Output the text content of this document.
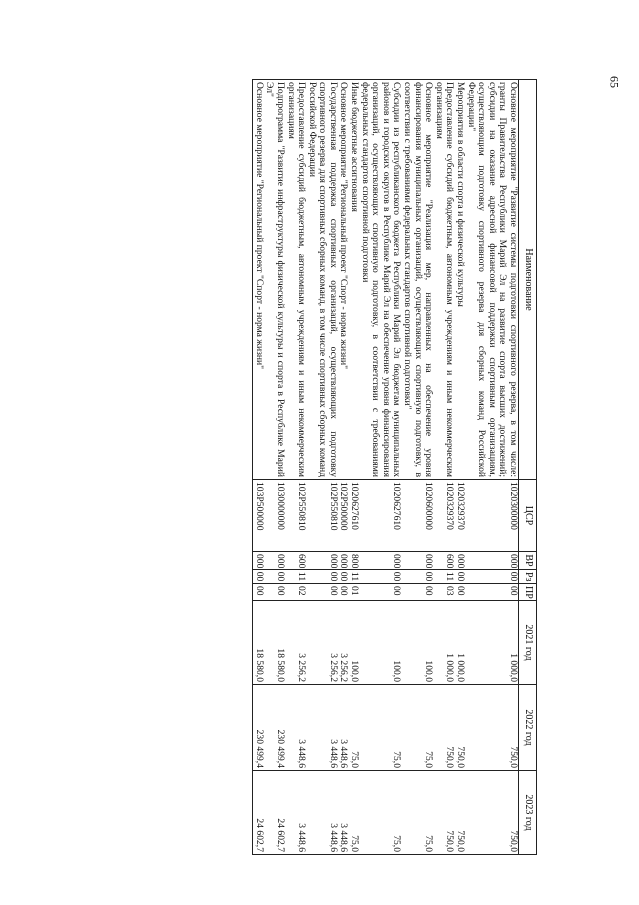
65
Наименование	ЦСР	ВР	Рз	ПР	2021 год	2022 год	2023 год
Основное мероприятие "Развитие системы подготовки спортивного резерва, в том числе: гранты Правительства Республики Марий Эл на развитие спорта высших достижений; субсидии на оказание адресной финансовой поддержки спортивным организациям, осуществляющим подготовку спортивного резерва для сборных команд Российской Федерации"	1020300000	000	00	00	1 000,0	750,0	750,0
Мероприятия в области спорта и физической культуры	1020329370	000	00	00	1 000,0	750,0	750,0
Предоставление субсидий бюджетным, автономным учреждениям и иным некоммерческим организациям	1020329370	600	11	03	1 000,0	750,0	750,0
Основное мероприятие "Реализация мер, направленных на обеспечение уровня финансирования муниципальных организаций, осуществляющих спортивную подготовку, в соответствии с требованиями федеральных стандартов спортивной подготовки"	1020600000	000	00	00	100,0	75,0	75,0
Субсидии из республиканского бюджета Республики Марий Эл бюджетам муниципальных районов и городских округов в Республике Марий Эл на обеспечение уровня финансирования организаций, осуществляющих спортивную подготовку, в соответствии с требованиями федеральных стандартов спортивной подготовки	1020627610	000	00	00	100,0	75,0	75,0
Иные бюджетные ассигнования	1020627610	800	11	01	100,0	75,0	75,0
Основное мероприятие "Региональный проект "Спорт - норма жизни"	102P500000	000	00	00	3 256,2	3 448,6	3 448,6
Государственная поддержка спортивных организаций, осуществляющих подготовку спортивного резерва для спортивных сборных команд, в том числе спортивных сборных команд Российской Федерации	102P550810	000	00	00	3 256,2	3 448,6	3 448,6
Предоставление субсидий бюджетным, автономным учреждениям и иным некоммерческим организациям	102P550810	600	11	02	3 256,2	3 448,6	3 448,6
Подпрограмма "Развитие инфраструктуры физической культуры и спорта в Республике Марий Эл"	1030000000	000	00	00	18 580,0	230 499,4	24 602,7
Основное мероприятие "Региональный проект "Спорт - норма жизни"	103P500000	000	00	00	18 580,0	230 499,4	24 602,7
